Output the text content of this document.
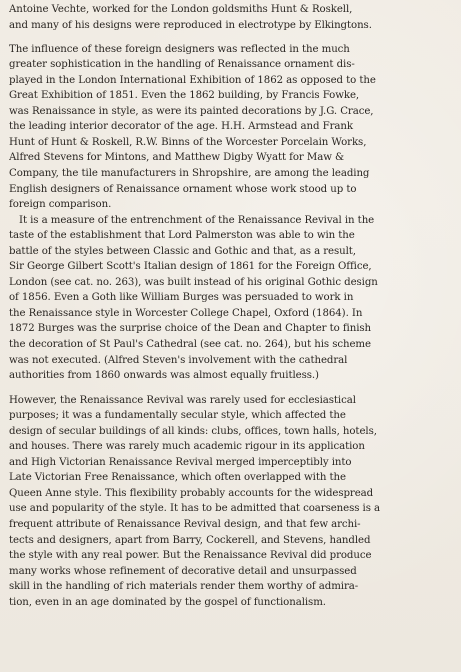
Antoine Vechte, worked for the London goldsmiths Hunt & Roskell,
and many of his designs were reproduced in electrotype by Elkingtons.
The influence of these foreign designers was reflected in the much
greater sophistication in the handling of Renaissance ornament dis-
played in the London International Exhibition of 1862 as opposed to the
Great Exhibition of 1851. Even the 1862 building, by Francis Fowke,
was Renaissance in style, as were its painted decorations by J.G. Crace,
the leading interior decorator of the age. H.H. Armstead and Frank
Hunt of Hunt & Roskell, R.W. Binns of the Worcester Porcelain Works,
Alfred Stevens for Mintons, and Matthew Digby Wyatt for Maw &
Company, the tile manufacturers in Shropshire, are among the leading
English designers of Renaissance ornament whose work stood up to
foreign comparison.
It is a measure of the entrenchment of the Renaissance Revival in the
taste of the establishment that Lord Palmerston was able to win the
battle of the styles between Classic and Gothic and that, as a result,
Sir George Gilbert Scott's Italian design of 1861 for the Foreign Office,
London (see cat. no. 263), was built instead of his original Gothic design
of 1856. Even a Goth like William Burges was persuaded to work in
the Renaissance style in Worcester College Chapel, Oxford (1864). In
1872 Burges was the surprise choice of the Dean and Chapter to finish
the decoration of St Paul's Cathedral (see cat. no. 264), but his scheme
was not executed. (Alfred Steven's involvement with the cathedral
authorities from 1860 onwards was almost equally fruitless.)
However, the Renaissance Revival was rarely used for ecclesiastical
purposes; it was a fundamentally secular style, which affected the
design of secular buildings of all kinds: clubs, offices, town halls, hotels,
and houses. There was rarely much academic rigour in its application
and High Victorian Renaissance Revival merged imperceptibly into
Late Victorian Free Renaissance, which often overlapped with the
Queen Anne style. This flexibility probably accounts for the widespread
use and popularity of the style. It has to be admitted that coarseness is a
frequent attribute of Renaissance Revival design, and that few archi-
tects and designers, apart from Barry, Cockerell, and Stevens, handled
the style with any real power. But the Renaissance Revival did produce
many works whose refinement of decorative detail and unsurpassed
skill in the handling of rich materials render them worthy of admira-
tion, even in an age dominated by the gospel of functionalism.
